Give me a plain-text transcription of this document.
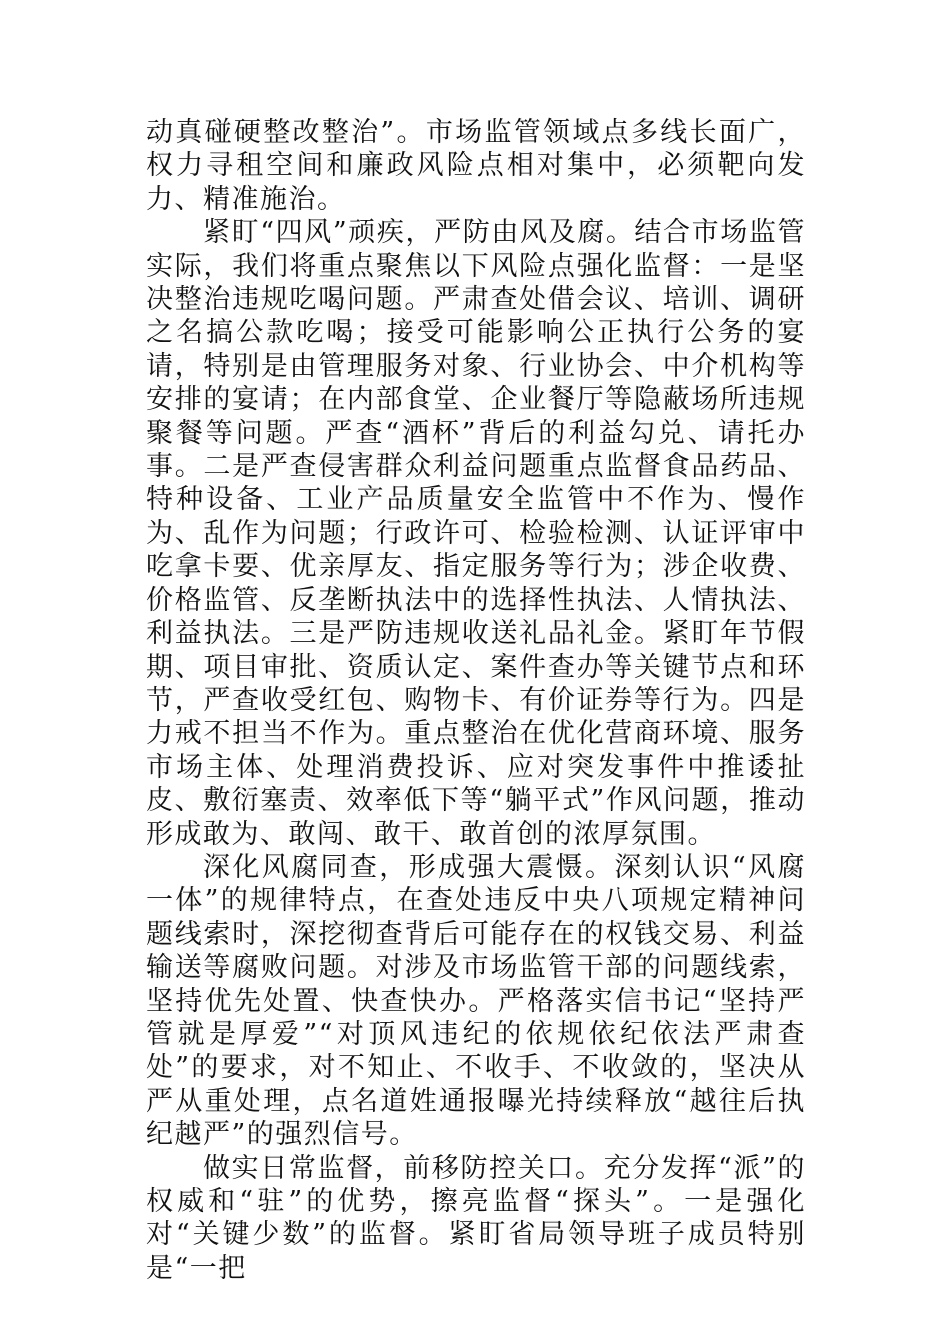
动真碰硬整改整治”。市场监管领域点多线长面广，权力寻租空间和廉政风险点相对集中，必须靶向发力、精准施治。

紧盯“四风”顽疾，严防由风及腐。结合市场监管实际，我们将重点聚焦以下风险点强化监督：一是坚决整治违规吃喝问题。严肃查处借会议、培训、调研之名搞公款吃喝；接受可能影响公正执行公务的宴请，特别是由管理服务对象、行业协会、中介机构等安排的宴请；在内部食堂、企业餐厅等隐蔽场所违规聚餐等问题。严查“酒杯”背后的利益勾兑、请托办事。二是严查侵害群众利益问题重点监督食品药品、特种设备、工业产品质量安全监管中不作为、慢作为、乱作为问题；行政许可、检验检测、认证评审中吃拿卡要、优亲厚友、指定服务等行为；涉企收费、价格监管、反垄断执法中的选择性执法、人情执法、利益执法。三是严防违规收送礼品礼金。紧盯年节假期、项目审批、资质认定、案件查办等关键节点和环节，严查收受红包、购物卡、有价证券等行为。四是力戒不担当不作为。重点整治在优化营商环境、服务市场主体、处理消费投诉、应对突发事件中推诿扯皮、敷衍塞责、效率低下等“躺平式”作风问题，推动形成敢为、敢闯、敢干、敢首创的浓厚氛围。

深化风腐同查，形成强大震慑。深刻认识“风腐一体”的规律特点，在查处违反中央八项规定精神问题线索时，深挖彻查背后可能存在的权钱交易、利益输送等腐败问题。对涉及市场监管干部的问题线索，坚持优先处置、快查快办。严格落实信书记“坚持严管就是厚爱”“对顶风违纪的依规依纪依法严肃查处”的要求，对不知止、不收手、不收敛的，坚决从严从重处理，点名道姓通报曝光持续释放“越往后执纪越严”的强烈信号。

做实日常监督，前移防控关口。充分发挥“派”的权威和“驻”的优势，擦亮监督“探头”。一是强化对“关键少数”的监督。紧盯省局领导班子成员特别是“一把
